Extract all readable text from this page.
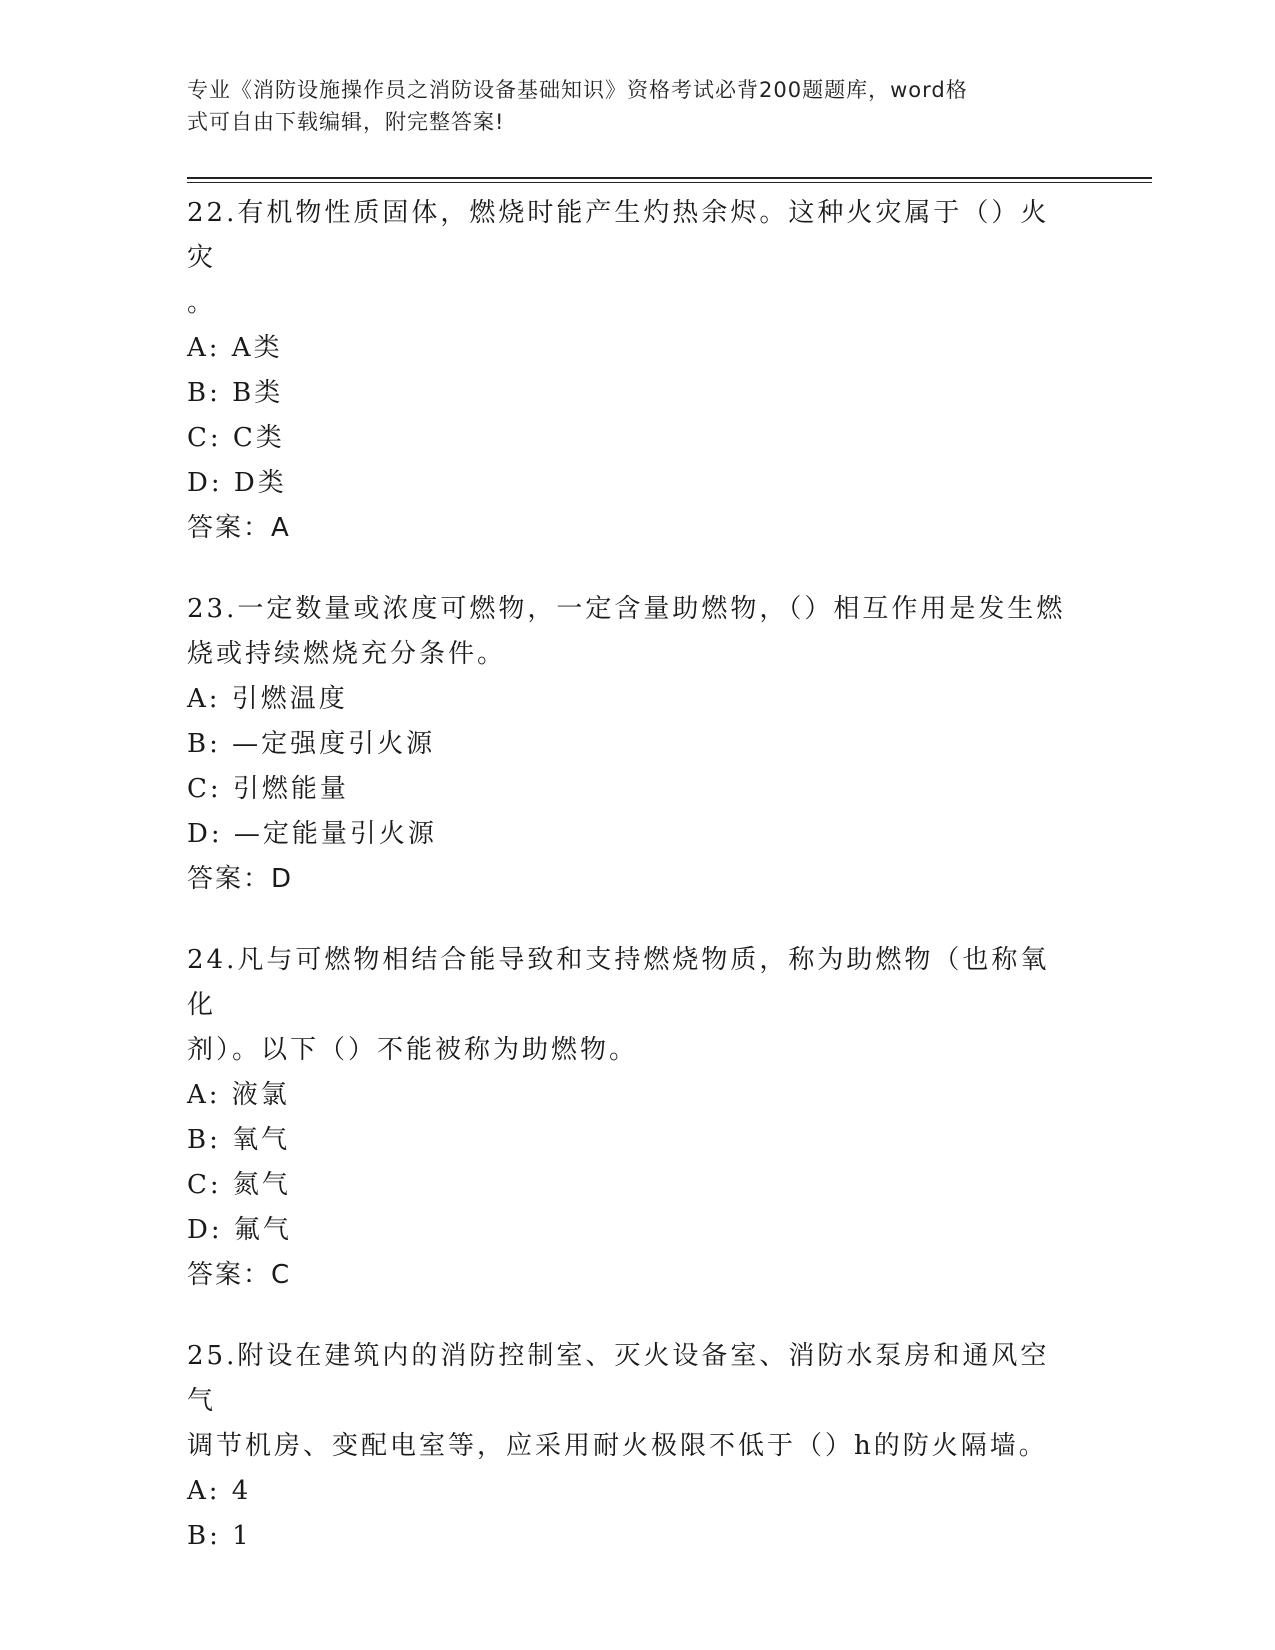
专业《消防设施操作员之消防设备基础知识》资格考试必背200题题库，word格
式可自由下载编辑，附完整答案!

22.有机物性质固体，燃烧时能产生灼热余烬。这种火灾属于（）火灾

。

A: A类

B: B类

C: C类

D: D类

答案：A

23.一定数量或浓度可燃物，一定含量助燃物，（）相互作用是发生燃

烧或持续燃烧充分条件。

A: 引燃温度

B: —定强度引火源

C: 引燃能量

D: —定能量引火源

答案：D

24.凡与可燃物相结合能导致和支持燃烧物质，称为助燃物（也称氧化

剂）。以下（）不能被称为助燃物。

A: 液氯

B: 氧气

C: 氮气

D: 氟气

答案：C

25.附设在建筑内的消防控制室、灭火设备室、消防水泵房和通风空气

调节机房、变配电室等，应采用耐火极限不低于（）h的防火隔墙。

A: 4

B: 1
